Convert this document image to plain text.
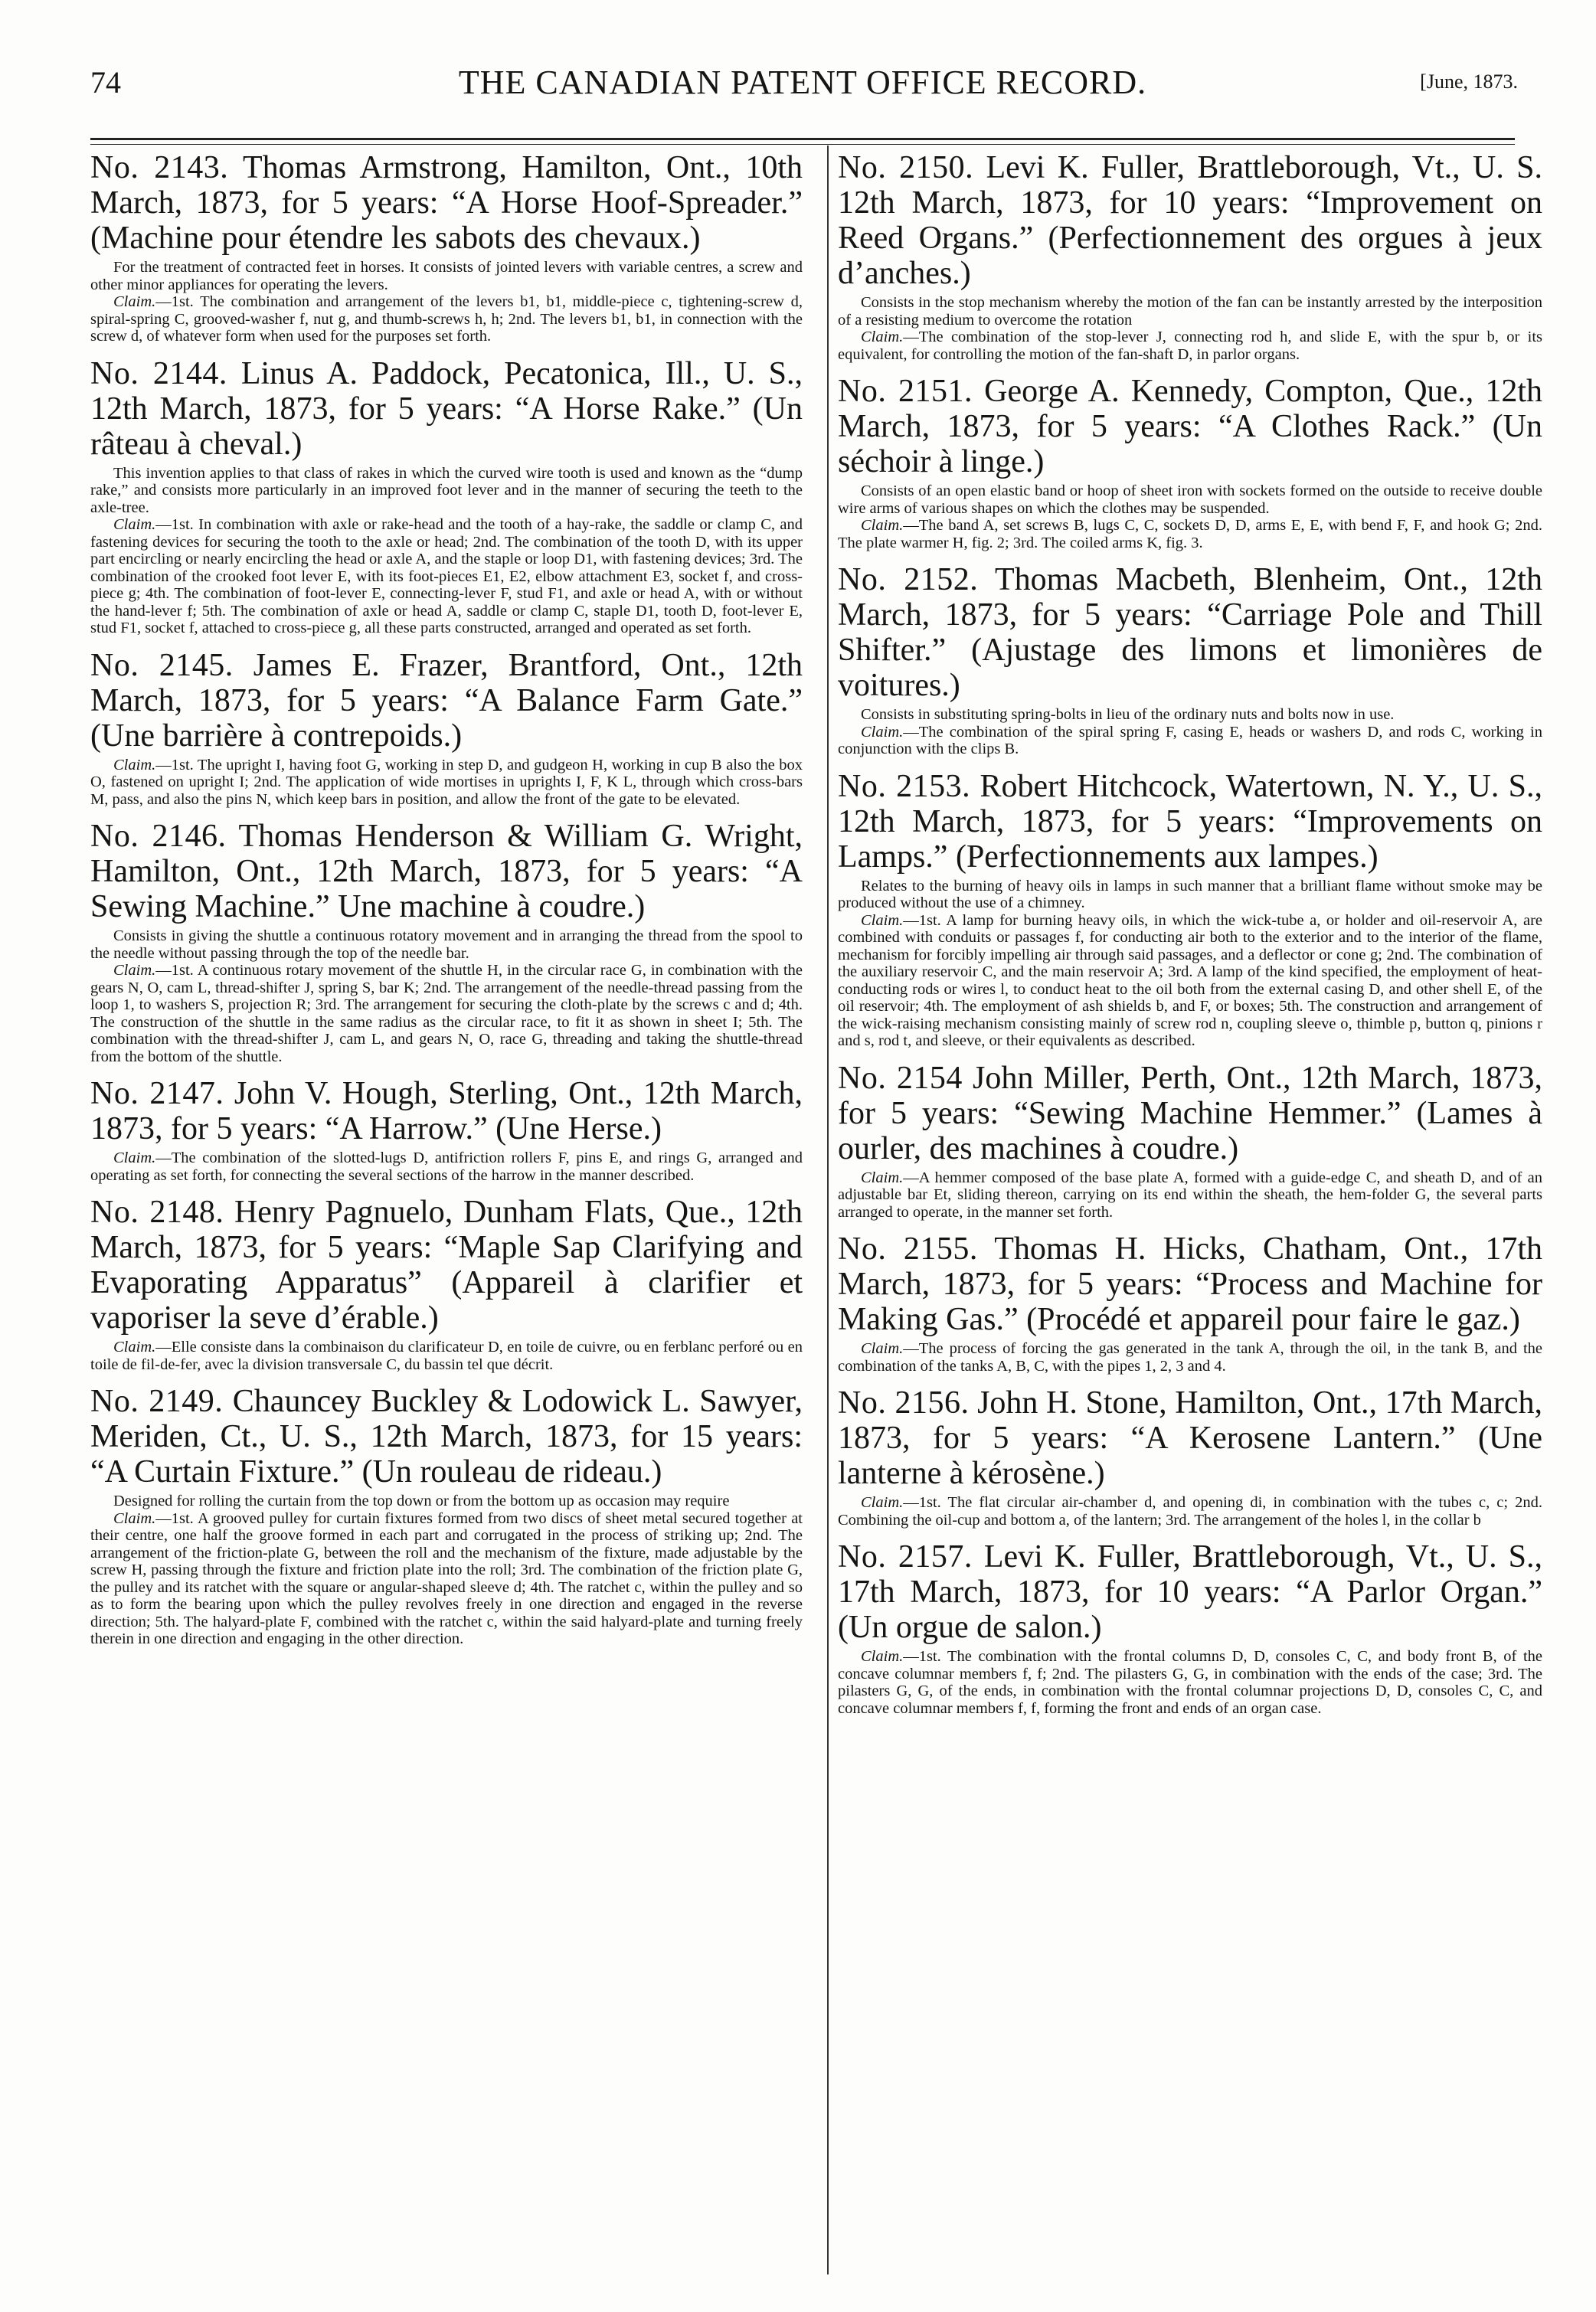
74	THE CANADIAN PATENT OFFICE RECORD.	[June, 1873.

No. 2143. Thomas Armstrong, Hamilton, Ont., 10th March, 1873, for 5 years: “A Horse Hoof-Spreader.” (Machine pour étendre les sabots des chevaux.)

For the treatment of contracted feet in horses. It consists of jointed levers with variable centres, a screw and other minor appliances for operating the levers.
Claim.—1st. The combination and arrangement of the levers b1, b1, middle-piece c, tightening-screw d, spiral-spring C, grooved-washer f, nut g, and thumb-screws h, h; 2nd. The levers b1, b1, in connection with the screw d, of whatever form when used for the purposes set forth.

No. 2144. Linus A. Paddock, Pecatonica, Ill., U. S., 12th March, 1873, for 5 years: “A Horse Rake.” (Un râteau à cheval.)

This invention applies to that class of rakes in which the curved wire tooth is used and known as the “dump rake,” and consists more particularly in an improved foot lever and in the manner of securing the teeth to the axle-tree.
Claim.—1st. In combination with axle or rake-head and the tooth of a hay-rake, the saddle or clamp C, and fastening devices for securing the tooth to the axle or head; 2nd. The combination of the tooth D, with its upper part encircling or nearly encircling the head or axle A, and the staple or loop D1, with fastening devices; 3rd. The combination of the crooked foot lever E, with its foot-pieces E1, E2, elbow attachment E3, socket f, and cross-piece g; 4th. The combination of foot-lever E, connecting-lever F, stud F1, and axle or head A, with or without the hand-lever f; 5th. The combination of axle or head A, saddle or clamp C, staple D1, tooth D, foot-lever E, stud F1, socket f, attached to cross-piece g, all these parts constructed, arranged and operated as set forth.

No. 2145. James E. Frazer, Brantford, Ont., 12th March, 1873, for 5 years: “A Balance Farm Gate.” (Une barrière à contrepoids.)

Claim.—1st. The upright I, having foot G, working in step D, and gudgeon H, working in cup B also the box O, fastened on upright I; 2nd. The application of wide mortises in uprights I, F, K L, through which cross-bars M, pass, and also the pins N, which keep bars in position, and allow the front of the gate to be elevated.

No. 2146. Thomas Henderson & William G. Wright, Hamilton, Ont., 12th March, 1873, for 5 years: “A Sewing Machine.” Une machine à coudre.)

Consists in giving the shuttle a continuous rotatory movement and in arranging the thread from the spool to the needle without passing through the top of the needle bar.
Claim.—1st. A continuous rotary movement of the shuttle H, in the circular race G, in combination with the gears N, O, cam L, thread-shifter J, spring S, bar K; 2nd. The arrangement of the needle-thread passing from the loop 1, to washers S, projection R; 3rd. The arrangement for securing the cloth-plate by the screws c and d; 4th. The construction of the shuttle in the same radius as the circular race, to fit it as shown in sheet I; 5th. The combination with the thread-shifter J, cam L, and gears N, O, race G, threading and taking the shuttle-thread from the bottom of the shuttle.

No. 2147. John V. Hough, Sterling, Ont., 12th March, 1873, for 5 years: “A Harrow.” (Une Herse.)

Claim.—The combination of the slotted-lugs D, antifriction rollers F, pins E, and rings G, arranged and operating as set forth, for connecting the several sections of the harrow in the manner described.

No. 2148. Henry Pagnuelo, Dunham Flats, Que., 12th March, 1873, for 5 years: “Maple Sap Clarifying and Evaporating Apparatus” (Appareil à clarifier et vaporiser la seve d’érable.)

Claim.—Elle consiste dans la combinaison du clarificateur D, en toile de cuivre, ou en ferblanc perforé ou en toile de fil-de-fer, avec la division transversale C, du bassin tel que décrit.

No. 2149. Chauncey Buckley & Lodowick L. Sawyer, Meriden, Ct., U. S., 12th March, 1873, for 15 years: “A Curtain Fixture.” (Un rouleau de rideau.)

Designed for rolling the curtain from the top down or from the bottom up as occasion may require
Claim.—1st. A grooved pulley for curtain fixtures formed from two discs of sheet metal secured together at their centre, one half the groove formed in each part and corrugated in the process of striking up; 2nd. The arrangement of the friction-plate G, between the roll and the mechanism of the fixture, made adjustable by the screw H, passing through the fixture and friction plate into the roll; 3rd. The combination of the friction plate G, the pulley and its ratchet with the square or angular-shaped sleeve d; 4th. The ratchet c, within the pulley and so as to form the bearing upon which the pulley revolves freely in one direction and engaged in the reverse direction; 5th. The halyard-plate F, combined with the ratchet c, within the said halyard-plate and turning freely therein in one direction and engaging in the other direction.

No. 2150. Levi K. Fuller, Brattleborough, Vt., U. S. 12th March, 1873, for 10 years: “Improvement on Reed Organs.” (Perfectionnement des orgues à jeux d’anches.)

Consists in the stop mechanism whereby the motion of the fan can be instantly arrested by the interposition of a resisting medium to overcome the rotation
Claim.—The combination of the stop-lever J, connecting rod h, and slide E, with the spur b, or its equivalent, for controlling the motion of the fan-shaft D, in parlor organs.

No. 2151. George A. Kennedy, Compton, Que., 12th March, 1873, for 5 years: “A Clothes Rack.” (Un séchoir à linge.)

Consists of an open elastic band or hoop of sheet iron with sockets formed on the outside to receive double wire arms of various shapes on which the clothes may be suspended.
Claim.—The band A, set screws B, lugs C, C, sockets D, D, arms E, E, with bend F, F, and hook G; 2nd. The plate warmer H, fig. 2; 3rd. The coiled arms K, fig. 3.

No. 2152. Thomas Macbeth, Blenheim, Ont., 12th March, 1873, for 5 years: “Carriage Pole and Thill Shifter.” (Ajustage des limons et limonières de voitures.)

Consists in substituting spring-bolts in lieu of the ordinary nuts and bolts now in use.
Claim.—The combination of the spiral spring F, casing E, heads or washers D, and rods C, working in conjunction with the clips B.

No. 2153. Robert Hitchcock, Watertown, N. Y., U. S., 12th March, 1873, for 5 years: “Improvements on Lamps.” (Perfectionnements aux lampes.)

Relates to the burning of heavy oils in lamps in such manner that a brilliant flame without smoke may be produced without the use of a chimney.
Claim.—1st. A lamp for burning heavy oils, in which the wick-tube a, or holder and oil-reservoir A, are combined with conduits or passages f, for conducting air both to the exterior and to the interior of the flame, mechanism for forcibly impelling air through said passages, and a deflector or cone g; 2nd. The combination of the auxiliary reservoir C, and the main reservoir A; 3rd. A lamp of the kind specified, the employment of heat-conducting rods or wires l, to conduct heat to the oil both from the external casing D, and other shell E, of the oil reservoir; 4th. The employment of ash shields b, and F, or boxes; 5th. The construction and arrangement of the wick-raising mechanism consisting mainly of screw rod n, coupling sleeve o, thimble p, button q, pinions r and s, rod t, and sleeve, or their equivalents as described.

No. 2154 John Miller, Perth, Ont., 12th March, 1873, for 5 years: “Sewing Machine Hemmer.” (Lames à ourler, des machines à coudre.)

Claim.—A hemmer composed of the base plate A, formed with a guide-edge C, and sheath D, and of an adjustable bar Et, sliding thereon, carrying on its end within the sheath, the hem-folder G, the several parts arranged to operate, in the manner set forth.

No. 2155. Thomas H. Hicks, Chatham, Ont., 17th March, 1873, for 5 years: “Process and Machine for Making Gas.” (Procédé et appareil pour faire le gaz.)

Claim.—The process of forcing the gas generated in the tank A, through the oil, in the tank B, and the combination of the tanks A, B, C, with the pipes 1, 2, 3 and 4.

No. 2156. John H. Stone, Hamilton, Ont., 17th March, 1873, for 5 years: “A Kerosene Lantern.” (Une lanterne à kérosène.)

Claim.—1st. The flat circular air-chamber d, and opening di, in combination with the tubes c, c; 2nd. Combining the oil-cup and bottom a, of the lantern; 3rd. The arrangement of the holes l, in the collar b

No. 2157. Levi K. Fuller, Brattleborough, Vt., U. S., 17th March, 1873, for 10 years: “A Parlor Organ.” (Un orgue de salon.)

Claim.—1st. The combination with the frontal columns D, D, consoles C, C, and body front B, of the concave columnar members f, f; 2nd. The pilasters G, G, in combination with the ends of the case; 3rd. The pilasters G, G, of the ends, in combination with the frontal columnar projections D, D, consoles C, C, and concave columnar members f, f, forming the front and ends of an organ case.
